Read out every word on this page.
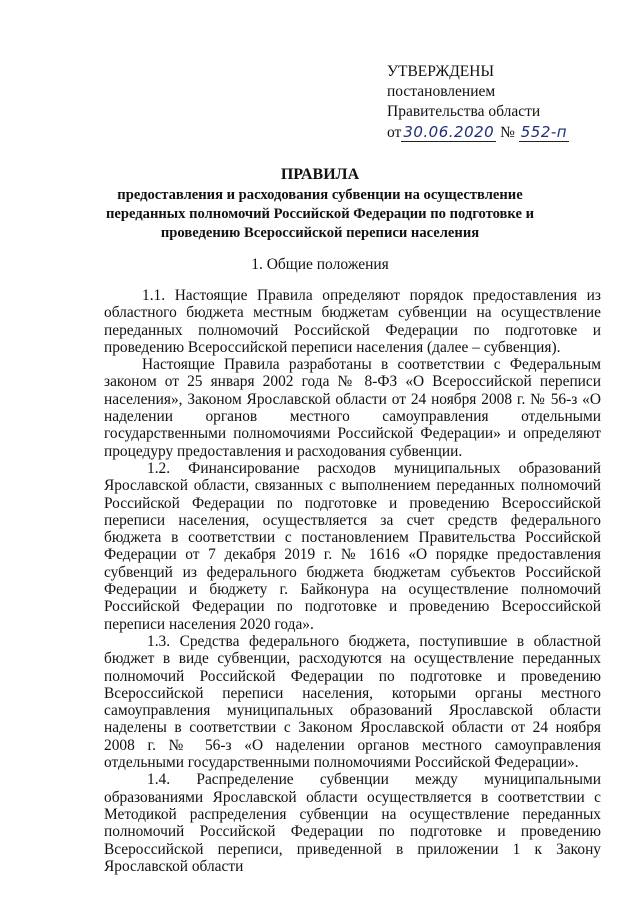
УТВЕРЖДЕНЫ
постановлением
Правительства области
от 30.06.2020 № 552-п
ПРАВИЛА
предоставления и расходования субвенции на осуществление переданных полномочий Российской Федерации по подготовке и проведению Всероссийской переписи населения
1. Общие положения

1.1. Настоящие Правила определяют порядок предоставления из областного бюджета местным бюджетам субвенции на осуществление переданных полномочий Российской Федерации по подготовке и проведению Всероссийской переписи населения (далее – субвенция).

Настоящие Правила разработаны в соответствии с Федеральным законом от 25 января 2002 года № 8-ФЗ «О Всероссийской переписи населения», Законом Ярославской области от 24 ноября 2008 г. № 56-з «О наделении органов местного самоуправления отдельными государственными полномочиями Российской Федерации» и определяют процедуру предоставления и расходования субвенции.

1.2. Финансирование расходов муниципальных образований Ярославской области, связанных с выполнением переданных полномочий Российской Федерации по подготовке и проведению Всероссийской переписи населения, осуществляется за счет средств федерального бюджета в соответствии с постановлением Правительства Российской Федерации от 7 декабря 2019 г. № 1616 «О порядке предоставления субвенций из федерального бюджета бюджетам субъектов Российской Федерации и бюджету г. Байконура на осуществление полномочий Российской Федерации по подготовке и проведению Всероссийской переписи населения 2020 года».

1.3. Средства федерального бюджета, поступившие в областной бюджет в виде субвенции, расходуются на осуществление переданных полномочий Российской Федерации по подготовке и проведению Всероссийской переписи населения, которыми органы местного самоуправления муниципальных образований Ярославской области наделены в соответствии с Законом Ярославской области от 24 ноября 2008 г. № 56-з «О наделении органов местного самоуправления отдельными государственными полномочиями Российской Федерации».

1.4. Распределение субвенции между муниципальными образованиями Ярославской области осуществляется в соответствии с Методикой распределения субвенции на осуществление переданных полномочий Российской Федерации по подготовке и проведению Всероссийской переписи, приведенной в приложении 1 к Закону Ярославской области
